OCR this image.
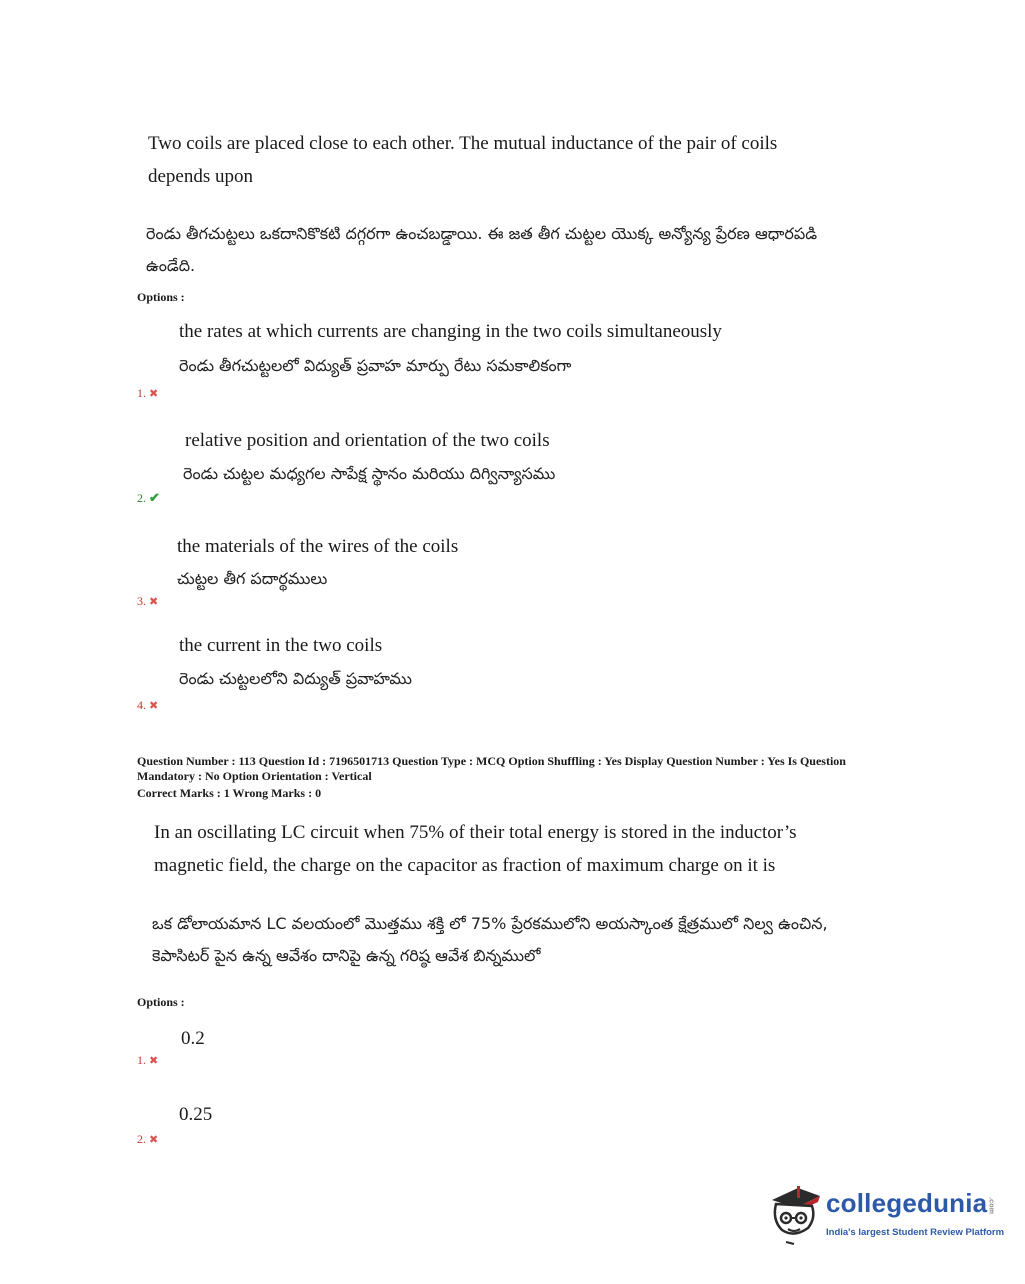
Two coils are placed close to each other. The mutual inductance of the pair of coils depends upon
రెండు తీగచుట్టలు ఒకదానికొకటి దగ్గరగా ఉంచబడ్డాయి. ఈ జత తీగ చుట్టల యొక్క అన్యోన్య ప్రేరణ ఆధారపడి ఉండేది.
Options :
the rates at which currents are changing in the two coils simultaneously
రెండు తీగచుట్టలలో విద్యుత్ ప్రవాహ మార్పు రేటు సమకాలికంగా
1. ✖
relative position and orientation of the two coils
రెండు చుట్టల మధ్యగల సాపేక్ష స్థానం మరియు దిగ్విన్యాసము
2. ✔
the materials of the wires of the coils
చుట్టల తీగ పదార్థములు
3. ✖
the current in the two coils
రెండు చుట్టలలోని విద్యుత్ ప్రవాహము
4. ✖
Question Number : 113 Question Id : 7196501713 Question Type : MCQ Option Shuffling : Yes Display Question Number : Yes Is Question Mandatory : No Option Orientation : Vertical
Correct Marks : 1 Wrong Marks : 0
In an oscillating LC circuit when 75% of their total energy is stored in the inductor’s magnetic field, the charge on the capacitor as fraction of maximum charge on it is
ఒక డోలాయమాన LC వలయంలో మొత్తము శక్తి లో 75% ప్రేరకములోని అయస్కాంత క్షేత్రములో నిల్వ ఉంచిన, కెపాసిటర్ పైన ఉన్న ఆవేశం దానిపై ఉన్న గరిష్ఠ ఆవేశ బిన్నములో
Options :
0.2
1. ✖
0.25
2. ✖
collegedunia.com
India's largest Student Review Platform
